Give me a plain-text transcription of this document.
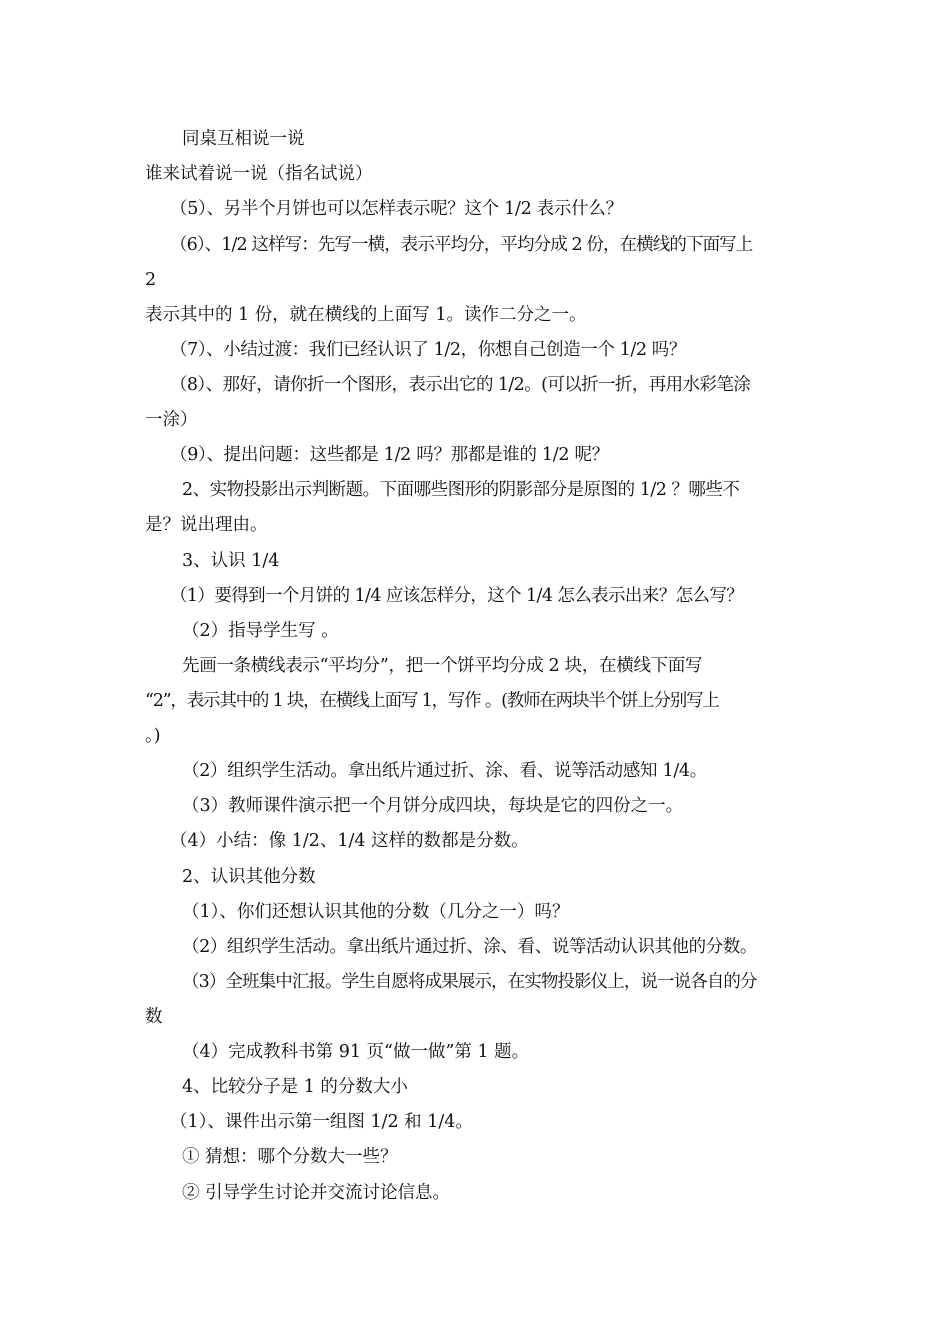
同桌互相说一说
谁来试着说一说（指名试说）
（5）、另半个月饼也可以怎样表示呢？这个 1/2 表示什么？
（6）、1/2 这样写：先写一横，表示平均分，平均分成 2 份，在横线的下面写上
2
表示其中的 1 份，就在横线的上面写 1。读作二分之一。
（7）、小结过渡：我们已经认识了 1/2，你想自己创造一个 1/2 吗？
（8）、那好，请你折一个图形，表示出它的 1/2。(可以折一折，再用水彩笔涂
一涂）
（9）、提出问题：这些都是 1/2 吗？那都是谁的 1/2 呢？
2、实物投影出示判断题。下面哪些图形的阴影部分是原图的 1/2 ？哪些不
是？说出理由。
3、认识 1/4
（1）要得到一个月饼的 1/4 应该怎样分，这个 1/4 怎么表示出来？怎么写？
（2）指导学生写 。
先画一条横线表示“平均分”，把一个饼平均分成 2 块，在横线下面写
“2”，表示其中的 1 块，在横线上面写 1，写作 。(教师在两块半个饼上分别写上
。)
（2）组织学生活动。拿出纸片通过折、涂、看、说等活动感知 1/4。
（3）教师课件演示把一个月饼分成四块，每块是它的四份之一。
（4）小结：像 1/2、1/4 这样的数都是分数。
2、认识其他分数
（1）、你们还想认识其他的分数（几分之一）吗？
（2）组织学生活动。拿出纸片通过折、涂、看、说等活动认识其他的分数。
（3）全班集中汇报。学生自愿将成果展示，在实物投影仪上，说一说各自的分
数
（4）完成教科书第 91 页“做一做”第 1 题。
4、比较分子是 1 的分数大小
（1）、课件出示第一组图 1/2 和 1/4。
① 猜想：哪个分数大一些？
② 引导学生讨论并交流讨论信息。
